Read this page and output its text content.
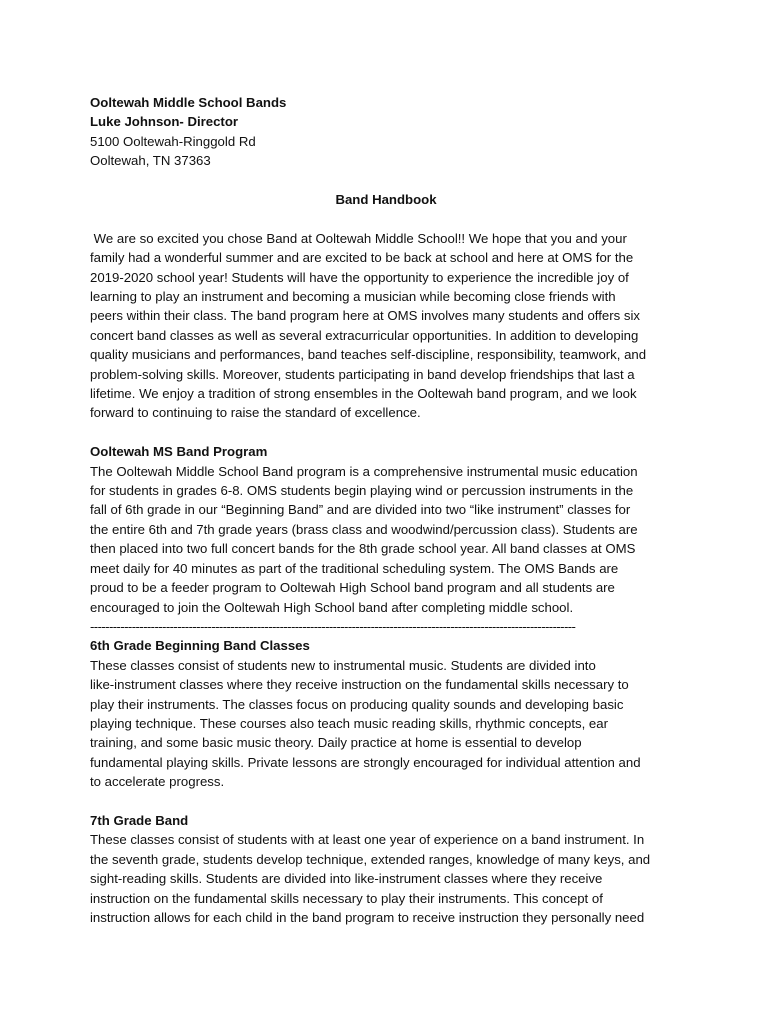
Ooltewah Middle School Bands
Luke Johnson- Director
5100 Ooltewah-Ringgold Rd
Ooltewah, TN 37363
Band Handbook
We are so excited you chose Band at Ooltewah Middle School!! We hope that you and your
family had a wonderful summer and are excited to be back at school and here at OMS for the
2019-2020 school year! Students will have the opportunity to experience the incredible joy of
learning to play an instrument and becoming a musician while becoming close friends with
peers within their class. The band program here at OMS involves many students and offers six
concert band classes as well as several extracurricular opportunities. In addition to developing
quality musicians and performances, band teaches self-discipline, responsibility, teamwork, and
problem-solving skills. Moreover, students participating in band develop friendships that last a
lifetime. We enjoy a tradition of strong ensembles in the Ooltewah band program, and we look
forward to continuing to raise the standard of excellence.
Ooltewah MS Band Program
The Ooltewah Middle School Band program is a comprehensive instrumental music education
for students in grades 6-8. OMS students begin playing wind or percussion instruments in the
fall of 6th grade in our “Beginning Band” and are divided into two “like instrument” classes for
the entire 6th and 7th grade years (brass class and woodwind/percussion class). Students are
then placed into two full concert bands for the 8th grade school year. All band classes at OMS
meet daily for 40 minutes as part of the traditional scheduling system. The OMS Bands are
proud to be a feeder program to Ooltewah High School band program and all students are
encouraged to join the Ooltewah High School band after completing middle school.
--------------------------------------------------------------------------------------------------------------------------------
6th Grade Beginning Band Classes
These classes consist of students new to instrumental music. Students are divided into
like-instrument classes where they receive instruction on the fundamental skills necessary to
play their instruments. The classes focus on producing quality sounds and developing basic
playing technique. These courses also teach music reading skills, rhythmic concepts, ear
training, and some basic music theory. Daily practice at home is essential to develop
fundamental playing skills. Private lessons are strongly encouraged for individual attention and
to accelerate progress.
7th Grade Band
These classes consist of students with at least one year of experience on a band instrument. In
the seventh grade, students develop technique, extended ranges, knowledge of many keys, and
sight-reading skills. Students are divided into like-instrument classes where they receive
instruction on the fundamental skills necessary to play their instruments. This concept of
instruction allows for each child in the band program to receive instruction they personally need
